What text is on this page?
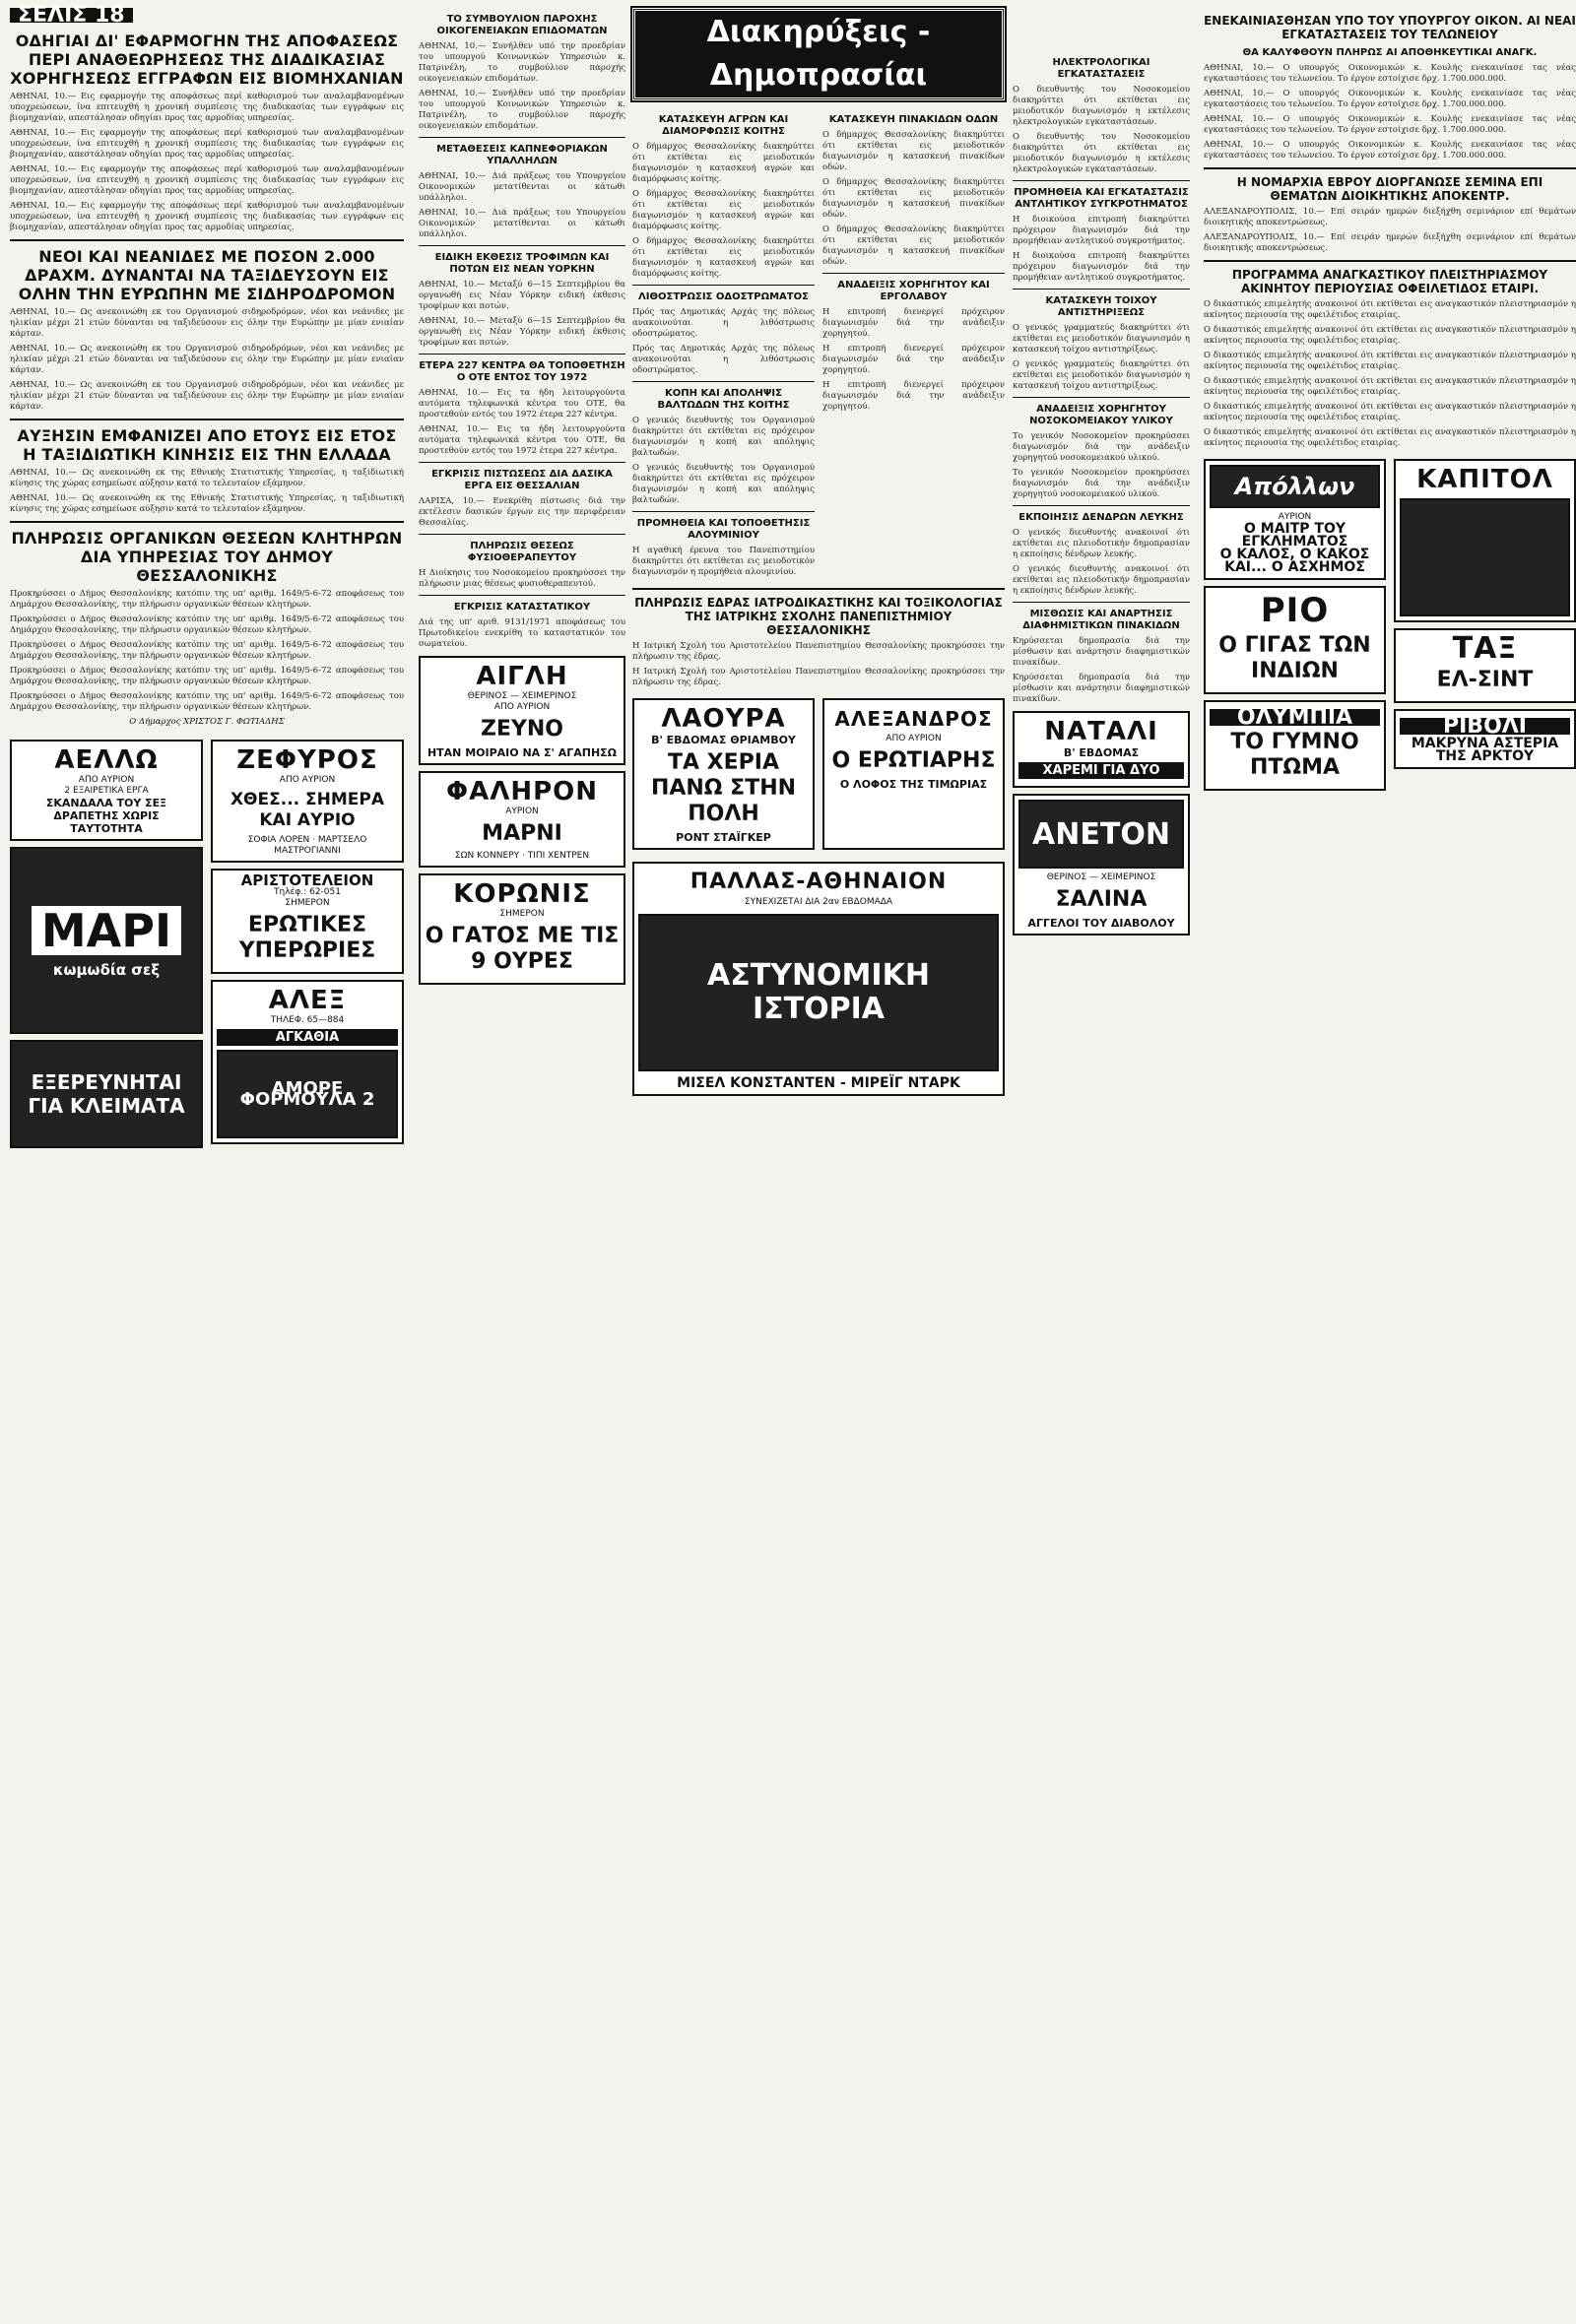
ΣΕΛΙΣ 18
ΟΔΗΓΙΑΙ ΔΙ' ΕΦΑΡΜΟΓΗΝ ΤΗΣ ΑΠΟΦΑΣΕΩΣ ΠΕΡΙ ΑΝΑΘΕΩΡΗΣΕΩΣ ΤΗΣ ΔΙΑΔΙΚΑΣΙΑΣ ΧΟΡΗΓΗΣΕΩΣ ΕΓΓΡΑΦΩΝ ΕΙΣ ΒΙΟΜΗΧΑΝΙΑΝ

ΑΘΗΝΑΙ, 10.— Εις εφαρμογήν της αποφάσεως περί καθορισμού των αναλαμβανομένων υποχρεώσεων, ίνα επιτευχθή η χρονική συμπίεσις της διαδικασίας των εγγράφων εις βιομηχανίαν, απεστάλησαν οδηγίαι προς τας αρμοδίας υπηρεσίας.

ΑΘΗΝΑΙ, 10.— Εις εφαρμογήν της αποφάσεως περί καθορισμού των αναλαμβανομένων υποχρεώσεων, ίνα επιτευχθή η χρονική συμπίεσις της διαδικασίας των εγγράφων εις βιομηχανίαν, απεστάλησαν οδηγίαι προς τας αρμοδίας υπηρεσίας.

ΑΘΗΝΑΙ, 10.— Εις εφαρμογήν της αποφάσεως περί καθορισμού των αναλαμβανομένων υποχρεώσεων, ίνα επιτευχθή η χρονική συμπίεσις της διαδικασίας των εγγράφων εις βιομηχανίαν, απεστάλησαν οδηγίαι προς τας αρμοδίας υπηρεσίας.

ΑΘΗΝΑΙ, 10.— Εις εφαρμογήν της αποφάσεως περί καθορισμού των αναλαμβανομένων υποχρεώσεων, ίνα επιτευχθή η χρονική συμπίεσις της διαδικασίας των εγγράφων εις βιομηχανίαν, απεστάλησαν οδηγίαι προς τας αρμοδίας υπηρεσίας.

ΝΕΟΙ ΚΑΙ ΝΕΑΝΙΔΕΣ ΜΕ ΠΟΣΟΝ 2.000 ΔΡΑΧΜ. ΔΥΝΑΝΤΑΙ ΝΑ ΤΑΞΙΔΕΥΣΟΥΝ ΕΙΣ ΟΛΗΝ ΤΗΝ ΕΥΡΩΠΗΝ ΜΕ ΣΙΔΗΡΟΔΡΟΜΟΝ

ΑΘΗΝΑΙ, 10.— Ως ανεκοινώθη εκ του Οργανισμού σιδηροδρόμων, νέοι και νεάνιδες με ηλικίαν μέχρι 21 ετών δύνανται να ταξιδεύσουν εις όλην την Ευρώπην με μίαν ενιαίαν κάρταν.

ΑΘΗΝΑΙ, 10.— Ως ανεκοινώθη εκ του Οργανισμού σιδηροδρόμων, νέοι και νεάνιδες με ηλικίαν μέχρι 21 ετών δύνανται να ταξιδεύσουν εις όλην την Ευρώπην με μίαν ενιαίαν κάρταν.

ΑΘΗΝΑΙ, 10.— Ως ανεκοινώθη εκ του Οργανισμού σιδηροδρόμων, νέοι και νεάνιδες με ηλικίαν μέχρι 21 ετών δύνανται να ταξιδεύσουν εις όλην την Ευρώπην με μίαν ενιαίαν κάρταν.

ΑΥΞΗΣΙΝ ΕΜΦΑΝΙΖΕΙ ΑΠΟ ΕΤΟΥΣ ΕΙΣ ΕΤΟΣ Η ΤΑΞΙΔΙΩΤΙΚΗ ΚΙΝΗΣΙΣ ΕΙΣ ΤΗΝ ΕΛΛΑΔΑ

ΑΘΗΝΑΙ, 10.— Ως ανεκοινώθη εκ της Εθνικής Στατιστικής Υπηρεσίας, η ταξιδιωτική κίνησις της χώρας εσημείωσε αύξησιν κατά το τελευταίον εξάμηνον.

ΑΘΗΝΑΙ, 10.— Ως ανεκοινώθη εκ της Εθνικής Στατιστικής Υπηρεσίας, η ταξιδιωτική κίνησις της χώρας εσημείωσε αύξησιν κατά το τελευταίον εξάμηνον.

ΠΛΗΡΩΣΙΣ ΟΡΓΑΝΙΚΩΝ ΘΕΣΕΩΝ ΚΛΗΤΗΡΩΝ ΔΙΑ ΥΠΗΡΕΣΙΑΣ ΤΟΥ ΔΗΜΟΥ ΘΕΣΣΑΛΟΝΙΚΗΣ

Προκηρύσσει ο Δήμος Θεσσαλονίκης κατόπιν της υπ' αριθμ. 1649/5-6-72 αποφάσεως του Δημάρχου Θεσσαλονίκης, την πλήρωσιν οργανικών θέσεων κλητήρων.

Προκηρύσσει ο Δήμος Θεσσαλονίκης κατόπιν της υπ' αριθμ. 1649/5-6-72 αποφάσεως του Δημάρχου Θεσσαλονίκης, την πλήρωσιν οργανικών θέσεων κλητήρων.

Προκηρύσσει ο Δήμος Θεσσαλονίκης κατόπιν της υπ' αριθμ. 1649/5-6-72 αποφάσεως του Δημάρχου Θεσσαλονίκης, την πλήρωσιν οργανικών θέσεων κλητήρων.

Προκηρύσσει ο Δήμος Θεσσαλονίκης κατόπιν της υπ' αριθμ. 1649/5-6-72 αποφάσεως του Δημάρχου Θεσσαλονίκης, την πλήρωσιν οργανικών θέσεων κλητήρων.

Προκηρύσσει ο Δήμος Θεσσαλονίκης κατόπιν της υπ' αριθμ. 1649/5-6-72 αποφάσεως του Δημάρχου Θεσσαλονίκης, την πλήρωσιν οργανικών θέσεων κλητήρων.

Ο Δήμαρχος ΧΡΙΣΤΟΣ Γ. ΦΩΤΙΑΔΗΣ
ΑΕΛΛΩ
ΑΠΟ ΑΥΡΙΟΝ
2 ΕΞΑΙΡΕΤΙΚΑ ΕΡΓΑ
ΣΚΑΝΔΑΛΑ ΤΟΥ ΣΕΞ
ΔΡΑΠΕΤΗΣ ΧΩΡΙΣ ΤΑΥΤΟΤΗΤΑ
ΜΑΡΙ
κωμωδία σεξ
ΕΞΕΡΕΥΝΗΤΑΙ ΓΙΑ ΚΛΕΙΜΑΤΑ
ΖΕΦΥΡΟΣ
ΑΠΟ ΑΥΡΙΟΝ
ΧΘΕΣ... ΣΗΜΕΡΑ ΚΑΙ ΑΥΡΙΟ
ΣΟΦΙΑ ΛΟΡΕΝ · ΜΑΡΤΣΕΛΟ ΜΑΣΤΡΟΓΙΑΝΝΙ
ΑΡΙΣΤΟΤΕΛΕΙΟΝ
Τηλέφ.: 62-051
ΣΗΜΕΡΟΝ
ΕΡΩΤΙΚΕΣ ΥΠΕΡΩΡΙΕΣ
ΑΛΕΞ
ΤΗΛΕΦ. 65—884
ΑΓΚΑΘΙΑ
ΑΜΟΡΕ ΦΟΡΜΟΥΛΑ 2
ΤΟ ΣΥΜΒΟΥΛΙΟΝ ΠΑΡΟΧΗΣ ΟΙΚΟΓΕΝΕΙΑΚΩΝ ΕΠΙΔΟΜΑΤΩΝ

ΑΘΗΝΑΙ, 10.— Συνήλθεν υπό την προεδρίαν του υπουργού Κοινωνικών Υπηρεσιών κ. Πατρινέλη, το συμβούλιον παροχής οικογενειακών επιδομάτων.

ΑΘΗΝΑΙ, 10.— Συνήλθεν υπό την προεδρίαν του υπουργού Κοινωνικών Υπηρεσιών κ. Πατρινέλη, το συμβούλιον παροχής οικογενειακών επιδομάτων.

ΜΕΤΑΘΕΣΕΙΣ ΚΑΠΝΕΦΟΡΙΑΚΩΝ ΥΠΑΛΛΗΛΩΝ

ΑΘΗΝΑΙ, 10.— Διά πράξεως του Υπουργείου Οικονομικών μετατίθενται οι κάτωθι υπάλληλοι.

ΑΘΗΝΑΙ, 10.— Διά πράξεως του Υπουργείου Οικονομικών μετατίθενται οι κάτωθι υπάλληλοι.

ΕΙΔΙΚΗ ΕΚΘΕΣΙΣ ΤΡΟΦΙΜΩΝ ΚΑΙ ΠΟΤΩΝ ΕΙΣ ΝΕΑΝ ΥΟΡΚΗΝ

ΑΘΗΝΑΙ, 10.— Μεταξύ 6—15 Σεπτεμβρίου θα οργανωθή εις Νέαν Υόρκην ειδική έκθεσις τροφίμων και ποτών.

ΑΘΗΝΑΙ, 10.— Μεταξύ 6—15 Σεπτεμβρίου θα οργανωθή εις Νέαν Υόρκην ειδική έκθεσις τροφίμων και ποτών.

ΕΤΕΡΑ 227 ΚΕΝΤΡΑ ΘΑ ΤΟΠΟΘΕΤΗΣΗ Ο ΟΤΕ ΕΝΤΟΣ ΤΟΥ 1972

ΑΘΗΝΑΙ, 10.— Εις τα ήδη λειτουργούντα αυτόματα τηλεφωνικά κέντρα του ΟΤΕ, θα προστεθούν εντός του 1972 έτερα 227 κέντρα.

ΑΘΗΝΑΙ, 10.— Εις τα ήδη λειτουργούντα αυτόματα τηλεφωνικά κέντρα του ΟΤΕ, θα προστεθούν εντός του 1972 έτερα 227 κέντρα.

ΕΓΚΡΙΣΙΣ ΠΙΣΤΩΣΕΩΣ ΔΙΑ ΔΑΣΙΚΑ ΕΡΓΑ ΕΙΣ ΘΕΣΣΑΛΙΑΝ

ΛΑΡΙΣΑ, 10.— Ενεκρίθη πίστωσις διά την εκτέλεσιν δασικών έργων εις την περιφέρειαν Θεσσαλίας.

ΠΛΗΡΩΣΙΣ ΘΕΣΕΩΣ ΦΥΣΙΟΘΕΡΑΠΕΥΤΟΥ

Η Διοίκησις του Νοσοκομείου προκηρύσσει την πλήρωσιν μιας θέσεως φυσιοθεραπευτού.

ΕΓΚΡΙΣΙΣ ΚΑΤΑΣΤΑΤΙΚΟΥ

Διά της υπ' αριθ. 9131/1971 αποφάσεως του Πρωτοδικείου ενεκρίθη το καταστατικόν του σωματείου.

ΑΙΓΛΗ
ΘΕΡΙΝΟΣ — ΧΕΙΜΕΡΙΝΟΣ
ΑΠΟ ΑΥΡΙΟΝ
ΖΕΥΝΟ
ΗΤΑΝ ΜΟΙΡΑΙΟ ΝΑ Σ' ΑΓΑΠΗΣΩ
ΦΑΛΗΡΟΝ
ΑΥΡΙΟΝ
ΜΑΡΝΙ
ΣΩΝ ΚΟΝΝΕΡΥ · ΤΙΠΙ ΧΕΝΤΡΕΝ
ΚΟΡΩΝΙΣ
ΣΗΜΕΡΟΝ
Ο ΓΑΤΟΣ ΜΕ ΤΙΣ 9 ΟΥΡΕΣ
Διακηρύξεις - Δημοπρασίαι
ΚΑΤΑΣΚΕΥΗ ΑΓΡΩΝ ΚΑΙ ΔΙΑΜΟΡΦΩΣΙΣ ΚΟΙΤΗΣ

Ο δήμαρχος Θεσσαλονίκης διακηρύττει ότι εκτίθεται εις μειοδοτικόν διαγωνισμόν η κατασκευή αγρών και διαμόρφωσις κοίτης.

Ο δήμαρχος Θεσσαλονίκης διακηρύττει ότι εκτίθεται εις μειοδοτικόν διαγωνισμόν η κατασκευή αγρών και διαμόρφωσις κοίτης.

Ο δήμαρχος Θεσσαλονίκης διακηρύττει ότι εκτίθεται εις μειοδοτικόν διαγωνισμόν η κατασκευή αγρών και διαμόρφωσις κοίτης.

ΛΙΘΟΣΤΡΩΣΙΣ ΟΔΟΣΤΡΩΜΑΤΟΣ

Πρός τας Δημοτικάς Αρχάς της πόλεως ανακοινούται η λιθόστρωσις οδοστρώματος.

Πρός τας Δημοτικάς Αρχάς της πόλεως ανακοινούται η λιθόστρωσις οδοστρώματος.

ΚΟΠΗ ΚΑΙ ΑΠΟΛΗΨΙΣ ΒΑΛΤΩΔΩΝ ΤΗΣ ΚΟΙΤΗΣ

Ο γενικός διευθυντής του Οργανισμού διακηρύττει ότι εκτίθεται εις πρόχειρον διαγωνισμόν η κοπή και απόληψις βαλτωδών.

Ο γενικός διευθυντής του Οργανισμού διακηρύττει ότι εκτίθεται εις πρόχειρον διαγωνισμόν η κοπή και απόληψις βαλτωδών.

ΠΡΟΜΗΘΕΙΑ ΚΑΙ ΤΟΠΟΘΕΤΗΣΙΣ ΑΛΟΥΜΙΝΙΟΥ

Η αγαθική έρευνα του Πανεπιστημίου διακηρύττει ότι εκτίθεται εις μειοδοτικόν διαγωνισμόν η προμήθεια αλουμινίου.

ΚΑΤΑΣΚΕΥΗ ΠΙΝΑΚΙΔΩΝ ΟΔΩΝ

Ο δήμαρχος Θεσσαλονίκης διακηρύττει ότι εκτίθεται εις μειοδοτικόν διαγωνισμόν η κατασκευή πινακίδων οδών.

Ο δήμαρχος Θεσσαλονίκης διακηρύττει ότι εκτίθεται εις μειοδοτικόν διαγωνισμόν η κατασκευή πινακίδων οδών.

Ο δήμαρχος Θεσσαλονίκης διακηρύττει ότι εκτίθεται εις μειοδοτικόν διαγωνισμόν η κατασκευή πινακίδων οδών.

ΑΝΑΔΕΙΞΙΣ ΧΟΡΗΓΗΤΟΥ ΚΑΙ ΕΡΓΟΛΑΒΟΥ

Η επιτροπή διενεργεί πρόχειρον διαγωνισμόν διά την ανάδειξιν χορηγητού.

Η επιτροπή διενεργεί πρόχειρον διαγωνισμόν διά την ανάδειξιν χορηγητού.

Η επιτροπή διενεργεί πρόχειρον διαγωνισμόν διά την ανάδειξιν χορηγητού.

ΠΛΗΡΩΣΙΣ ΕΔΡΑΣ ΙΑΤΡΟΔΙΚΑΣΤΙΚΗΣ ΚΑΙ ΤΟΞΙΚΟΛΟΓΙΑΣ ΤΗΣ ΙΑΤΡΙΚΗΣ ΣΧΟΛΗΣ ΠΑΝΕΠΙΣΤΗΜΙΟΥ ΘΕΣΣΑΛΟΝΙΚΗΣ

Η Ιατρική Σχολή του Αριστοτελείου Πανεπιστημίου Θεσσαλονίκης προκηρύσσει την πλήρωσιν της έδρας.

Η Ιατρική Σχολή του Αριστοτελείου Πανεπιστημίου Θεσσαλονίκης προκηρύσσει την πλήρωσιν της έδρας.

ΛΑΟΥΡΑ
Β' ΕΒΔΟΜΑΣ ΘΡΙΑΜΒΟΥ
ΤΑ ΧΕΡΙΑ ΠΑΝΩ ΣΤΗΝ ΠΟΛΗ
ΡΟΝΤ ΣΤΑΪΓΚΕΡ
ΑΛΕΞΑΝΔΡΟΣ
ΑΠΟ ΑΥΡΙΟΝ
Ο ΕΡΩΤΙΑΡΗΣ
Ο ΛΟΦΟΣ ΤΗΣ ΤΙΜΩΡΙΑΣ
ΠΑΛΛΑΣ-ΑΘΗΝΑΙΟΝ
ΣΥΝΕΧΙΖΕΤΑΙ ΔΙΑ 2αν ΕΒΔΟΜΑΔΑ
ΑΣΤΥΝΟΜΙΚΗ ΙΣΤΟΡΙΑ
ΜΙΣΕΛ ΚΟΝΣΤΑΝΤΕΝ - ΜΙΡΕΪΓ ΝΤΑΡΚ
ΗΛΕΚΤΡΟΛΟΓΙΚΑΙ ΕΓΚΑΤΑΣΤΑΣΕΙΣ

Ο διευθυντής του Νοσοκομείου διακηρύττει ότι εκτίθεται εις μειοδοτικόν διαγωνισμόν η εκτέλεσις ηλεκτρολογικών εγκαταστάσεων.

Ο διευθυντής του Νοσοκομείου διακηρύττει ότι εκτίθεται εις μειοδοτικόν διαγωνισμόν η εκτέλεσις ηλεκτρολογικών εγκαταστάσεων.

ΠΡΟΜΗΘΕΙΑ ΚΑΙ ΕΓΚΑΤΑΣΤΑΣΙΣ ΑΝΤΛΗΤΙΚΟΥ ΣΥΓΚΡΟΤΗΜΑΤΟΣ

Η διοικούσα επιτροπή διακηρύττει πρόχειρον διαγωνισμόν διά την προμήθειαν αντλητικού συγκροτήματος.

Η διοικούσα επιτροπή διακηρύττει πρόχειρον διαγωνισμόν διά την προμήθειαν αντλητικού συγκροτήματος.

ΚΑΤΑΣΚΕΥΗ ΤΟΙΧΟΥ ΑΝΤΙΣΤΗΡΙΞΕΩΣ

Ο γενικός γραμματεύς διακηρύττει ότι εκτίθεται εις μειοδοτικόν διαγωνισμόν η κατασκευή τοίχου αντιστηρίξεως.

Ο γενικός γραμματεύς διακηρύττει ότι εκτίθεται εις μειοδοτικόν διαγωνισμόν η κατασκευή τοίχου αντιστηρίξεως.

ΑΝΑΔΕΙΞΙΣ ΧΟΡΗΓΗΤΟΥ ΝΟΣΟΚΟΜΕΙΑΚΟΥ ΥΛΙΚΟΥ

Το γενικόν Νοσοκομείον προκηρύσσει διαγωνισμόν διά την ανάδειξιν χορηγητού νοσοκομειακού υλικού.

Το γενικόν Νοσοκομείον προκηρύσσει διαγωνισμόν διά την ανάδειξιν χορηγητού νοσοκομειακού υλικού.

ΕΚΠΟΙΗΣΙΣ ΔΕΝΔΡΩΝ ΛΕΥΚΗΣ

Ο γενικός διευθυντής ανακοινοί ότι εκτίθεται εις πλειοδοτικήν δημοπρασίαν η εκποίησις δένδρων λευκής.

Ο γενικός διευθυντής ανακοινοί ότι εκτίθεται εις πλειοδοτικήν δημοπρασίαν η εκποίησις δένδρων λευκής.

ΜΙΣΘΩΣΙΣ ΚΑΙ ΑΝΑΡΤΗΣΙΣ ΔΙΑΦΗΜΙΣΤΙΚΩΝ ΠΙΝΑΚΙΔΩΝ

Κηρύσσεται δημοπρασία διά την μίσθωσιν και ανάρτησιν διαφημιστικών πινακίδων.

Κηρύσσεται δημοπρασία διά την μίσθωσιν και ανάρτησιν διαφημιστικών πινακίδων.

ΝΑΤΑΛΙ
Β' ΕΒΔΟΜΑΣ
ΧΑΡΕΜΙ ΓΙΑ ΔΥΟ
ΑΝΕΤΟΝ
ΘΕΡΙΝΟΣ — ΧΕΙΜΕΡΙΝΟΣ
ΣΑΛΙΝΑ
ΑΓΓΕΛΟΙ ΤΟΥ ΔΙΑΒΟΛΟΥ
ΕΝΕΚΑΙΝΙΑΣΘΗΣΑΝ ΥΠΟ ΤΟΥ ΥΠΟΥΡΓΟΥ ΟΙΚΟΝ. ΑΙ ΝΕΑΙ ΕΓΚΑΤΑΣΤΑΣΕΙΣ ΤΟΥ ΤΕΛΩΝΕΙΟΥ
ΘΑ ΚΑΛΥΦΘΟΥΝ ΠΛΗΡΩΣ ΑΙ ΑΠΟΘΗΚΕΥΤΙΚΑΙ ΑΝΑΓΚ.

ΑΘΗΝΑΙ, 10.— Ο υπουργός Οικονομικών κ. Κουλής ενεκαινίασε τας νέας εγκαταστάσεις του τελωνείου. Το έργον εστοίχισε δρχ. 1.700.000.000.

ΑΘΗΝΑΙ, 10.— Ο υπουργός Οικονομικών κ. Κουλής ενεκαινίασε τας νέας εγκαταστάσεις του τελωνείου. Το έργον εστοίχισε δρχ. 1.700.000.000.

ΑΘΗΝΑΙ, 10.— Ο υπουργός Οικονομικών κ. Κουλής ενεκαινίασε τας νέας εγκαταστάσεις του τελωνείου. Το έργον εστοίχισε δρχ. 1.700.000.000.

ΑΘΗΝΑΙ, 10.— Ο υπουργός Οικονομικών κ. Κουλής ενεκαινίασε τας νέας εγκαταστάσεις του τελωνείου. Το έργον εστοίχισε δρχ. 1.700.000.000.

Η ΝΟΜΑΡΧΙΑ ΕΒΡΟΥ ΔΙΟΡΓΑΝΩΣΕ ΣΕΜΙΝΑ ΕΠΙ ΘΕΜΑΤΩΝ ΔΙΟΙΚΗΤΙΚΗΣ ΑΠΟΚΕΝΤΡ.

ΑΛΕΞΑΝΔΡΟΥΠΟΛΙΣ, 10.— Επί σειράν ημερών διεξήχθη σεμινάριον επί θεμάτων διοικητικής αποκεντρώσεως.

ΑΛΕΞΑΝΔΡΟΥΠΟΛΙΣ, 10.— Επί σειράν ημερών διεξήχθη σεμινάριον επί θεμάτων διοικητικής αποκεντρώσεως.

ΠΡΟΓΡΑΜΜΑ ΑΝΑΓΚΑΣΤΙΚΟΥ ΠΛΕΙΣΤΗΡΙΑΣΜΟΥ ΑΚΙΝΗΤΟΥ ΠΕΡΙΟΥΣΙΑΣ ΟΦΕΙΛΕΤΙΔΟΣ ΕΤΑΙΡΙ.

Ο δικαστικός επιμελητής ανακοινοί ότι εκτίθεται εις αναγκαστικόν πλειστηριασμόν η ακίνητος περιουσία της οφειλέτιδος εταιρίας.

Ο δικαστικός επιμελητής ανακοινοί ότι εκτίθεται εις αναγκαστικόν πλειστηριασμόν η ακίνητος περιουσία της οφειλέτιδος εταιρίας.

Ο δικαστικός επιμελητής ανακοινοί ότι εκτίθεται εις αναγκαστικόν πλειστηριασμόν η ακίνητος περιουσία της οφειλέτιδος εταιρίας.

Ο δικαστικός επιμελητής ανακοινοί ότι εκτίθεται εις αναγκαστικόν πλειστηριασμόν η ακίνητος περιουσία της οφειλέτιδος εταιρίας.

Ο δικαστικός επιμελητής ανακοινοί ότι εκτίθεται εις αναγκαστικόν πλειστηριασμόν η ακίνητος περιουσία της οφειλέτιδος εταιρίας.

Ο δικαστικός επιμελητής ανακοινοί ότι εκτίθεται εις αναγκαστικόν πλειστηριασμόν η ακίνητος περιουσία της οφειλέτιδος εταιρίας.

Απόλλων
ΑΥΡΙΟΝ
Ο ΜΑΙΤΡ ΤΟΥ ΕΓΚΛΗΜΑΤΟΣ
Ο ΚΑΛΟΣ, Ο ΚΑΚΟΣ ΚΑΙ... Ο ΑΣΧΗΜΟΣ
ΡΙΟ
Ο ΓΙΓΑΣ ΤΩΝ ΙΝΔΙΩΝ
ΟΛΥΜΠΙΑ
ΤΟ ΓΥΜΝΟ ΠΤΩΜΑ
ΚΑΠΙΤΟΛ
ΤΑΞ
ΕΛ-ΣΙΝΤ
ΡΙΒΟΛΙ
ΜΑΚΡΥΝΑ ΑΣΤΕΡΙΑ ΤΗΣ ΑΡΚΤΟΥ
